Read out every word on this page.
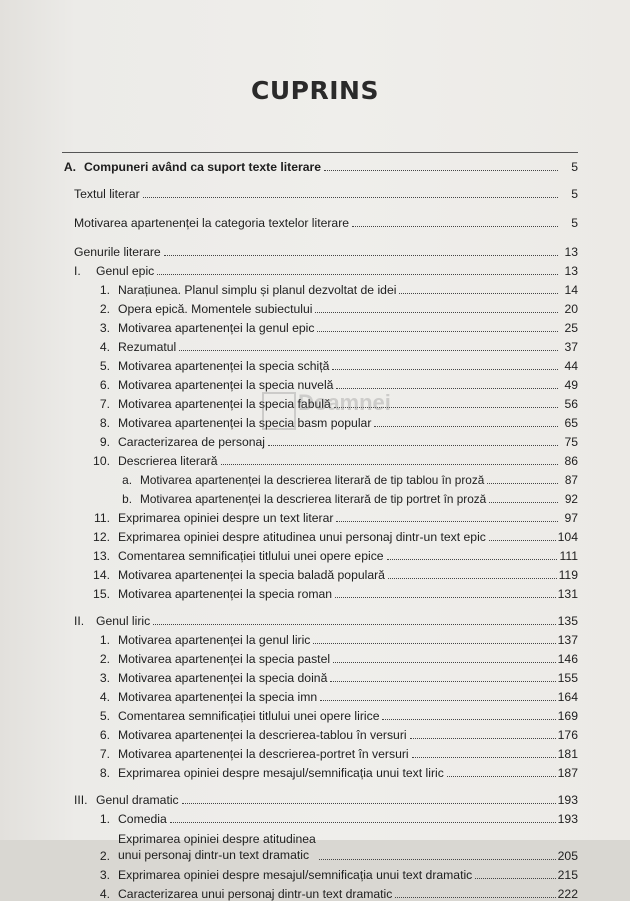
CUPRINS
A. Compuneri având ca suport texte literare	5
Textul literar	5
Motivarea apartenenței la categoria textelor literare	5
Genurile literare	13
I.	Genul epic	13
1. Narațiunea. Planul simplu și planul dezvoltat de idei	14
2. Opera epică. Momentele subiectului	20
3. Motivarea apartenenței la genul epic	25
4. Rezumatul	37
5. Motivarea apartenenței la specia schiță	44
6. Motivarea apartenenței la specia nuvelă	49
7. Motivarea apartenenței la specia fabulă	56
8. Motivarea apartenenței la specia basm popular	65
9. Caracterizarea de personaj	75
10. Descrierea literară	86
a. Motivarea apartenenței la descrierea literară de tip tablou în proză	87
b. Motivarea apartenenței la descrierea literară de tip portret în proză	92
11. Exprimarea opiniei despre un text literar	97
12. Exprimarea opiniei despre atitudinea unui personaj dintr-un text epic	104
13. Comentarea semnificației titlului unei opere epice	111
14. Motivarea apartenenței la specia baladă populară	119
15. Motivarea apartenenței la specia roman	131
II. Genul liric	135
1. Motivarea apartenenței la genul liric	137
2. Motivarea apartenenței la specia pastel	146
3. Motivarea apartenenței la specia doină	155
4. Motivarea apartenenței la specia imn	164
5. Comentarea semnificației titlului unei opere lirice	169
6. Motivarea apartenenței la descrierea-tablou în versuri	176
7. Motivarea apartenenței la descrierea-portret în versuri	181
8. Exprimarea opiniei despre mesajul/semnificația unui text liric	187
III. Genul dramatic	193
1. Comedia	193
2.
Exprimarea opiniei despre atitudinea
unui personaj dintr-un text dramatic	205
3. Exprimarea opiniei despre mesajul/semnificația unui text dramatic	215
4. Caracterizarea unui personaj dintr-un text dramatic	222
Doamnei
